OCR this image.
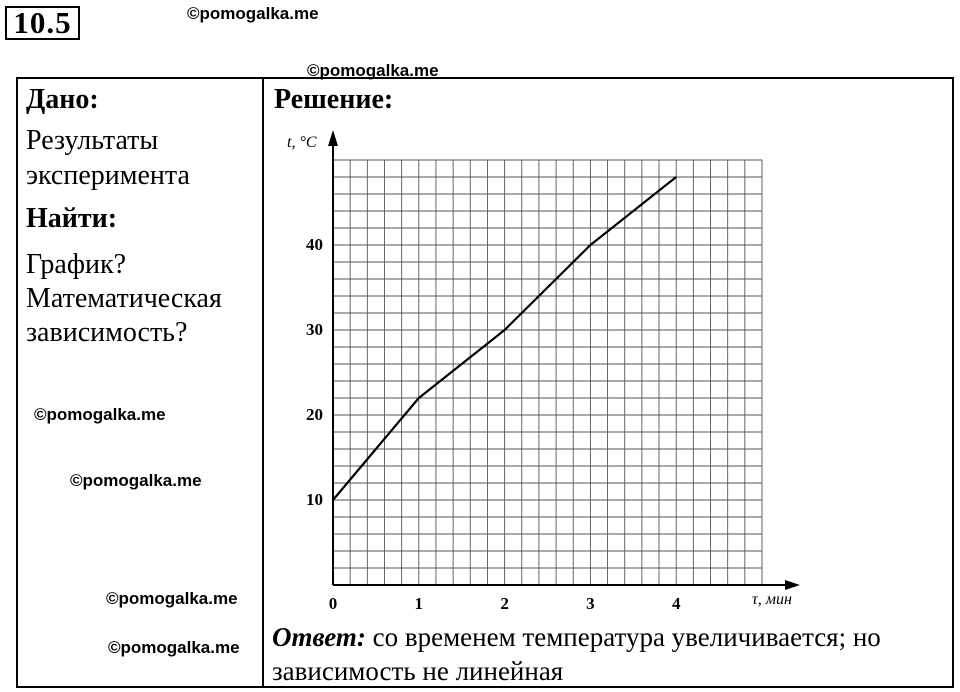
10.5	©pomogalka.me
©pomogalka.me
Дано:
Результаты
эксперимента
Найти:
График?
Математическая
зависимость?
©pomogalka.me
©pomogalka.me
©pomogalka.me
©pomogalka.me
Решение:
0	1	2	3	4
10
20
30
40
t, °C
τ, мин
Ответ: со временем температура увеличивается; но зависимость не линейная
